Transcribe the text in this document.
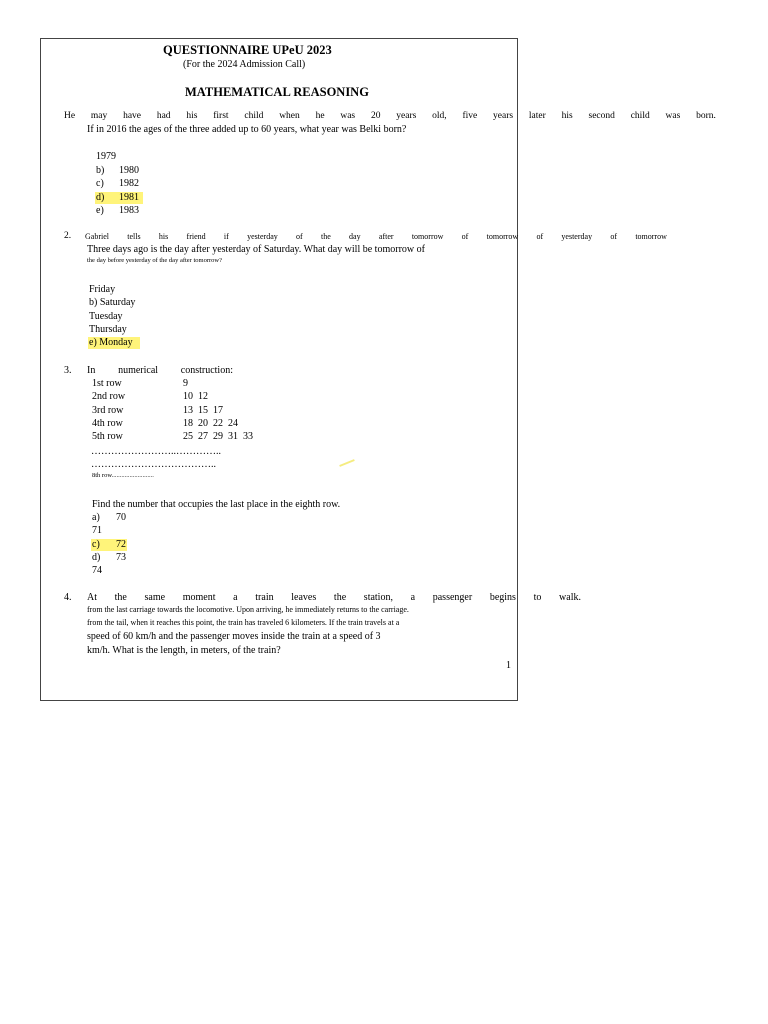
QUESTIONNAIRE UPeU 2023
(For the 2024 Admission Call)
MATHEMATICAL REASONING
He may have had his first child when he was 20 years old, five years later his second child was born.
If in 2016 the ages of the three added up to 60 years, what year was Belki born?
1979
b) 1980
c) 1982
d) 1981
e) 1983
2. Gabriel tells his friend if yesterday of the day after tomorrow of tomorrow of yesterday of tomorrow
Three days ago is the day after yesterday of Saturday. What day will be tomorrow of
the day before yesterday of the day after tomorrow?
Friday
b) Saturday
Tuesday
Thursday
e) Monday
3. In numerical construction:
1st row	9
2nd row	10  12
3rd row	13  15  17
4th row	18  20  22  24
5th row	25  27  29  31  33
……………………..…………..
………………………………..
8th row..........................
Find the number that occupies the last place in the eighth row.
a) 70
71
c) 72
d) 73
74
4. At the same moment a train leaves the station, a passenger begins to walk.
from the last carriage towards the locomotive. Upon arriving, he immediately returns to the carriage.
from the tail, when it reaches this point, the train has traveled 6 kilometers. If the train travels at a
speed of 60 km/h and the passenger moves inside the train at a speed of 3
km/h. What is the length, in meters, of the train?
1
